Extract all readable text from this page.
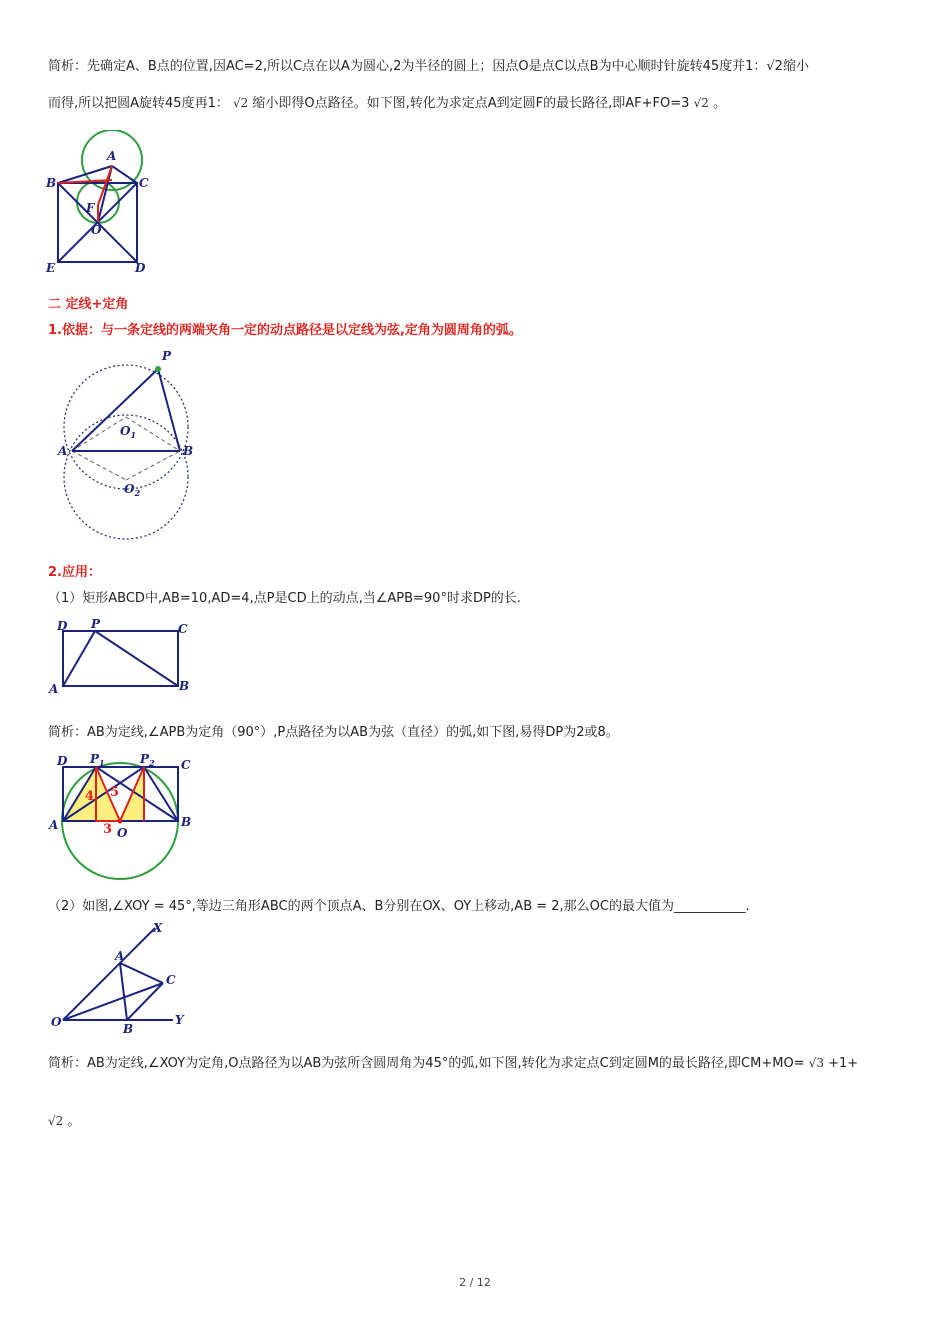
简析：先确定A、B点的位置,因AC=2,所以C点在以A为圆心,2为半径的圆上；因点O是点C以点B为中心顺时针旋转45度并1：√2缩小
而得,所以把圆A旋转45度再1： √2 缩小即得O点路径。如下图,转化为求定点A到定圆F的最长路径,即AF+FO=3 √2 。
A
B	C
F
O
E	D
二 定线+定角
1.依据：与一条定线的两端夹角一定的动点路径是以定线为弦,定角为圆周角的弧。
P
A	B
$O_1$
$O_2$
2.应用：
（1）矩形ABCD中,AB=10,AD=4,点P是CD上的动点,当∠APB=90°时求DP的长.
D P	C
A	B
简析：AB为定线,∠APB为定角（90°）,P点路径为以AB为弦（直径）的弧,如下图,易得DP为2或8。
D $P_1$	$P_2$ C
A	B
O
4 5
3
（2）如图,∠XOY = 45°,等边三角形ABC的两个顶点A、B分别在OX、OY上移动,AB = 2,那么OC的最大值为___________.
X
A
C
O	B
Y
简析：AB为定线,∠XOY为定角,O点路径为以AB为弦所含圆周角为45°的弧,如下图,转化为求定点C到定圆M的最长路径,即CM+MO= √3 +1+
√2 。
2 / 12
